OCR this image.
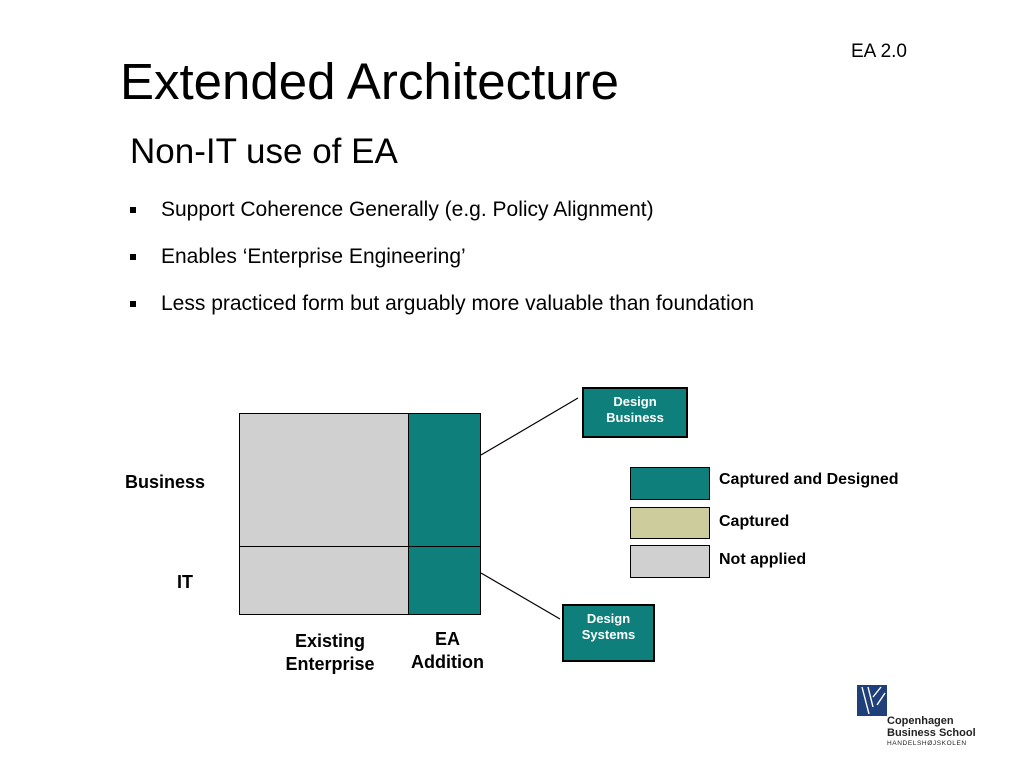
EA 2.0
Extended Architecture
Non-IT use of EA
Support Coherence Generally (e.g. Policy Alignment)
Enables ‘Enterprise Engineering’
Less practiced form but arguably more valuable than foundation
Business
IT
Existing
Enterprise
EA
Addition
Design
Business
Design
Systems
Captured and Designed
Captured
Not applied
Copenhagen
Business School
HANDELSHØJSKOLEN
